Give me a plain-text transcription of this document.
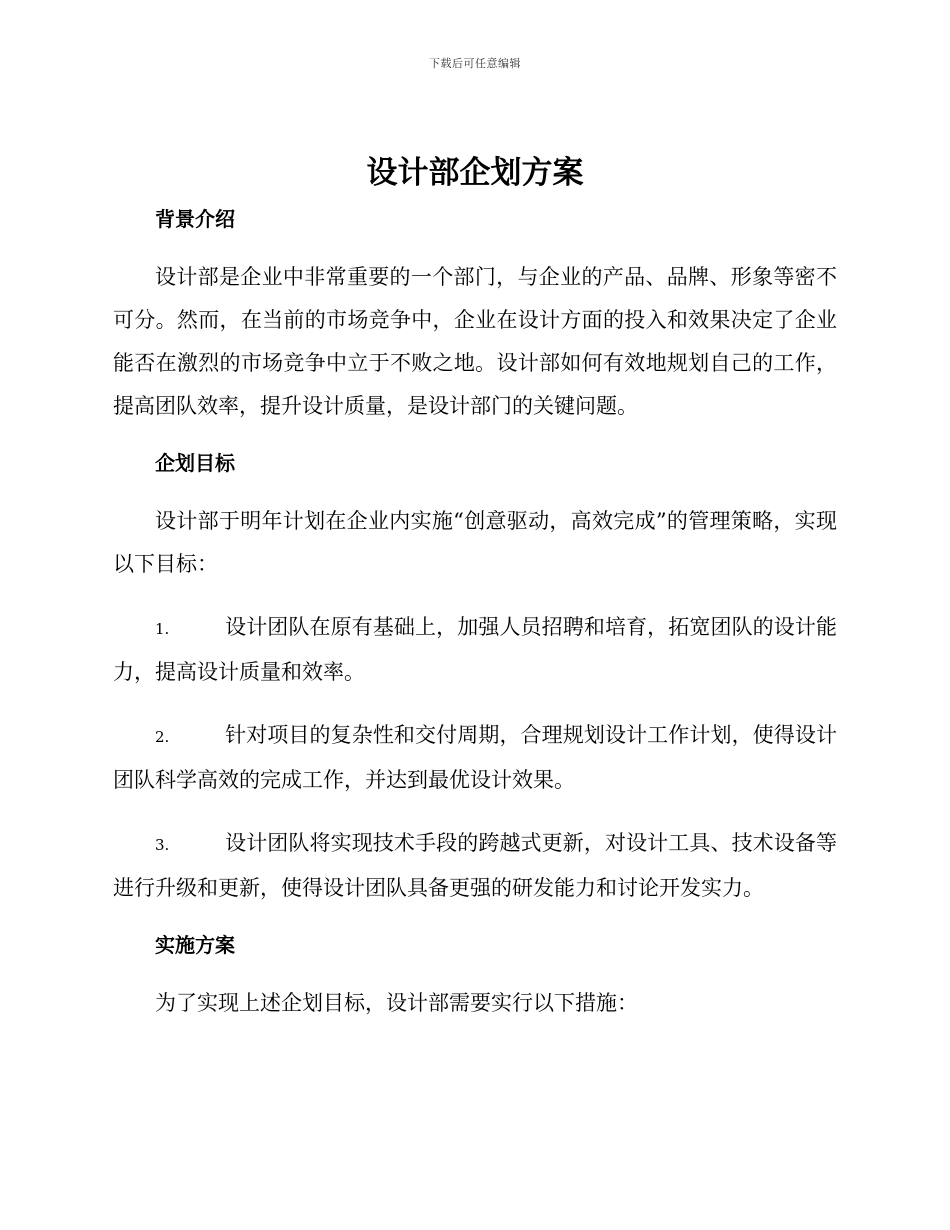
下载后可任意编辑
设计部企划方案
背景介绍

设计部是企业中非常重要的一个部门，与企业的产品、品牌、形象等密不可分。然而，在当前的市场竞争中，企业在设计方面的投入和效果决定了企业能否在激烈的市场竞争中立于不败之地。设计部如何有效地规划自己的工作，提高团队效率，提升设计质量，是设计部门的关键问题。

企划目标

设计部于明年计划在企业内实施“创意驱动，高效完成”的管理策略，实现以下目标：

1.	设计团队在原有基础上，加强人员招聘和培育，拓宽团队的设计能力，提高设计质量和效率。
2.	针对项目的复杂性和交付周期，合理规划设计工作计划，使得设计团队科学高效的完成工作，并达到最优设计效果。
3.	设计团队将实现技术手段的跨越式更新，对设计工具、技术设备等进行升级和更新，使得设计团队具备更强的研发能力和讨论开发实力。
实施方案

为了实现上述企划目标，设计部需要实行以下措施：
